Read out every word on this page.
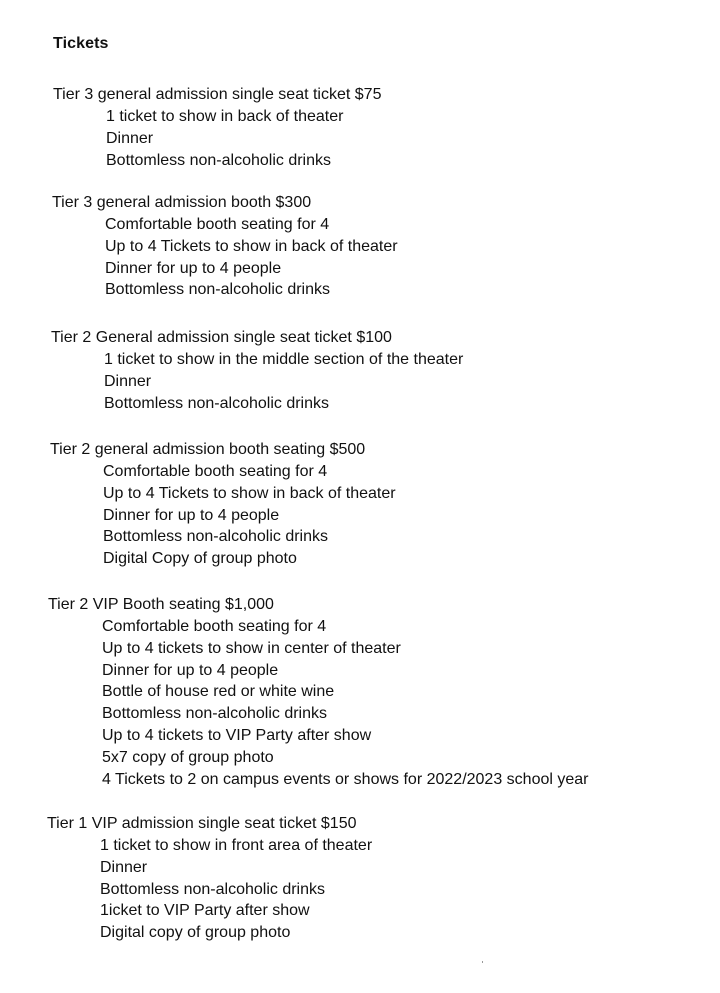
Tickets
Tier 3 general admission single seat ticket $75
1 ticket to show in back of theater
Dinner
Bottomless non-alcoholic drinks
Tier 3 general admission booth $300
Comfortable booth seating for 4
Up to 4 Tickets to show in back of theater
Dinner for up to 4 people
Bottomless non-alcoholic drinks
Tier 2 General admission single seat ticket $100
1 ticket to show in the middle section of the theater
Dinner
Bottomless non-alcoholic drinks
Tier 2 general admission booth seating $500
Comfortable booth seating for 4
Up to 4 Tickets to show in back of theater
Dinner for up to 4 people
Bottomless non-alcoholic drinks
Digital Copy of group photo
Tier 2 VIP Booth seating $1,000
Comfortable booth seating for 4
Up to 4 tickets to show in center of theater
Dinner for up to 4 people
Bottle of house red or white wine
Bottomless non-alcoholic drinks
Up to 4 tickets to VIP Party after show
5x7 copy of group photo
4 Tickets to 2 on campus events or shows for 2022/2023 school year
Tier 1 VIP admission single seat ticket $150
1 ticket to show in front area of theater
Dinner
Bottomless non-alcoholic drinks
1icket to VIP Party after show
Digital copy of group photo
